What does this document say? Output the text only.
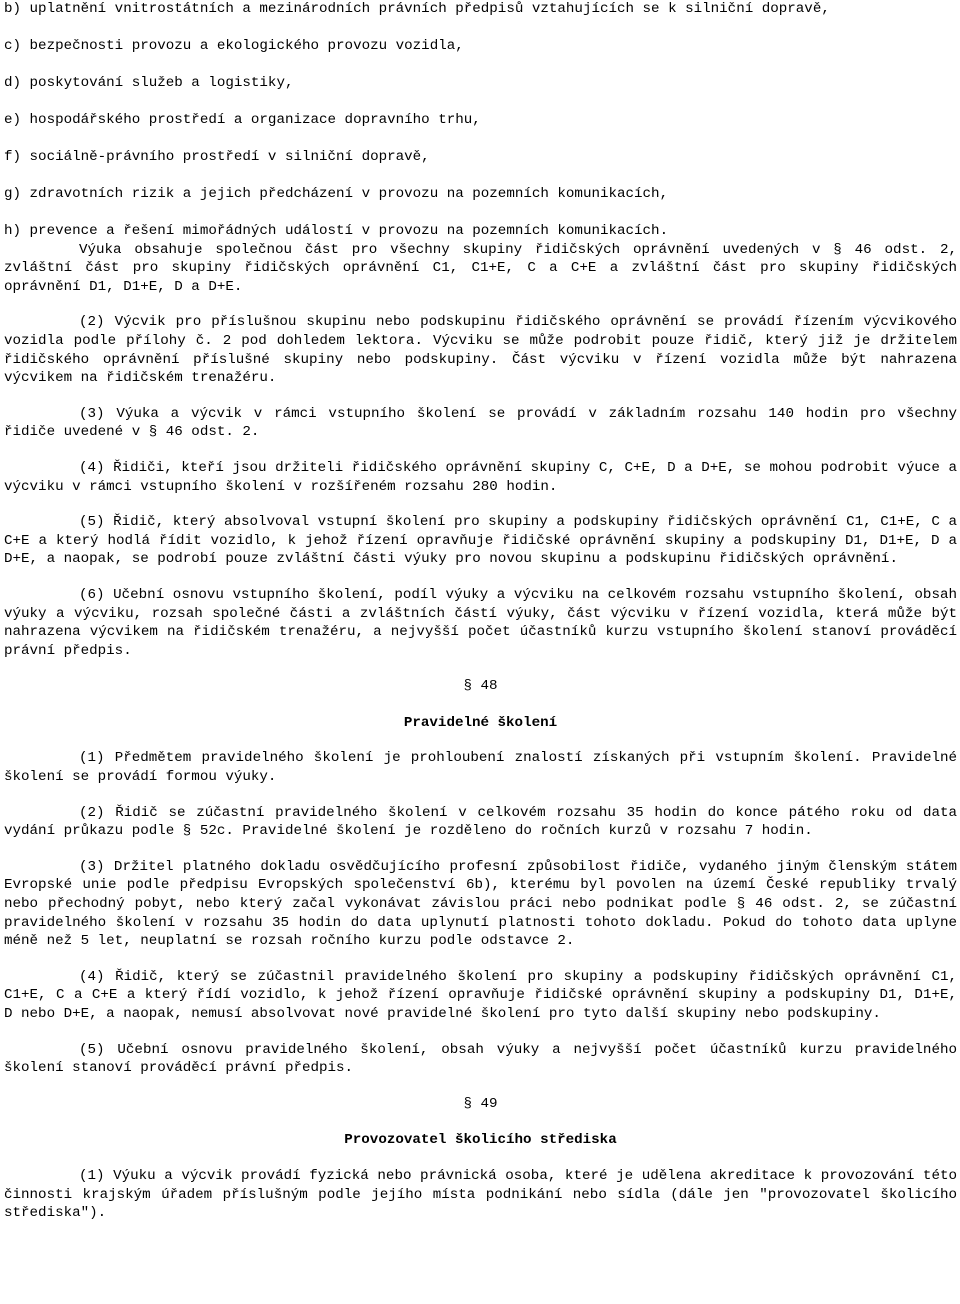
b) uplatnění vnitrostátních a mezinárodních právních předpisů vztahujících se k silniční dopravě,
c) bezpečnosti provozu a ekologického provozu vozidla,
d) poskytování služeb a logistiky,
e) hospodářského prostředí a organizace dopravního trhu,
f) sociálně-právního prostředí v silniční dopravě,
g) zdravotních rizik a jejich předcházení v provozu na pozemních komunikacích,
h) prevence a řešení mimořádných událostí v provozu na pozemních komunikacích.

Výuka obsahuje společnou část pro všechny skupiny řidičských oprávnění uvedených v § 46 odst. 2, zvláštní část pro skupiny řidičských oprávnění C1, C1+E, C a C+E a zvláštní část pro skupiny řidičských oprávnění D1, D1+E, D a D+E.

(2) Výcvik pro příslušnou skupinu nebo podskupinu řidičského oprávnění se provádí řízením výcvikového vozidla podle přílohy č. 2 pod dohledem lektora. Výcviku se může podrobit pouze řidič, který již je držitelem řidičského oprávnění příslušné skupiny nebo podskupiny. Část výcviku v řízení vozidla může být nahrazena výcvikem na řidičském trenažéru.

(3) Výuka a výcvik v rámci vstupního školení se provádí v základním rozsahu 140 hodin pro všechny řidiče uvedené v § 46 odst. 2.

(4) Řidiči, kteří jsou držiteli řidičského oprávnění skupiny C, C+E, D a D+E, se mohou podrobit výuce a výcviku v rámci vstupního školení v rozšířeném rozsahu 280 hodin.

(5) Řidič, který absolvoval vstupní školení pro skupiny a podskupiny řidičských oprávnění C1, C1+E, C a C+E a který hodlá řídit vozidlo, k jehož řízení opravňuje řidičské oprávnění skupiny a podskupiny D1, D1+E, D a D+E, a naopak, se podrobí pouze zvláštní části výuky pro novou skupinu a podskupinu řidičských oprávnění.

(6) Učební osnovu vstupního školení, podíl výuky a výcviku na celkovém rozsahu vstupního školení, obsah výuky a výcviku, rozsah společné části a zvláštních částí výuky, část výcviku v řízení vozidla, která může být nahrazena výcvikem na řidičském trenažéru, a nejvyšší počet účastníků kurzu vstupního školení stanoví prováděcí právní předpis.

§ 48
Pravidelné školení

(1) Předmětem pravidelného školení je prohloubení znalostí získaných při vstupním školení. Pravidelné školení se provádí formou výuky.

(2) Řidič se zúčastní pravidelného školení v celkovém rozsahu 35 hodin do konce pátého roku od data vydání průkazu podle § 52c. Pravidelné školení je rozděleno do ročních kurzů v rozsahu 7 hodin.

(3) Držitel platného dokladu osvědčujícího profesní způsobilost řidiče, vydaného jiným členským státem Evropské unie podle předpisu Evropských společenství 6b), kterému byl povolen na území České republiky trvalý nebo přechodný pobyt, nebo který začal vykonávat závislou práci nebo podnikat podle § 46 odst. 2, se zúčastní pravidelného školení v rozsahu 35 hodin do data uplynutí platnosti tohoto dokladu. Pokud do tohoto data uplyne méně než 5 let, neuplatní se rozsah ročního kurzu podle odstavce 2.

(4) Řidič, který se zúčastnil pravidelného školení pro skupiny a podskupiny řidičských oprávnění C1, C1+E, C a C+E a který řídí vozidlo, k jehož řízení opravňuje řidičské oprávnění skupiny a podskupiny D1, D1+E, D nebo D+E, a naopak, nemusí absolvovat nové pravidelné školení pro tyto další skupiny nebo podskupiny.

(5) Učební osnovu pravidelného školení, obsah výuky a nejvyšší počet účastníků kurzu pravidelného školení stanoví prováděcí právní předpis.

§ 49
Provozovatel školicího střediska

(1) Výuku a výcvik provádí fyzická nebo právnická osoba, které je udělena akreditace k provozování této činnosti krajským úřadem příslušným podle jejího místa podnikání nebo sídla (dále jen "provozovatel školicího střediska").
